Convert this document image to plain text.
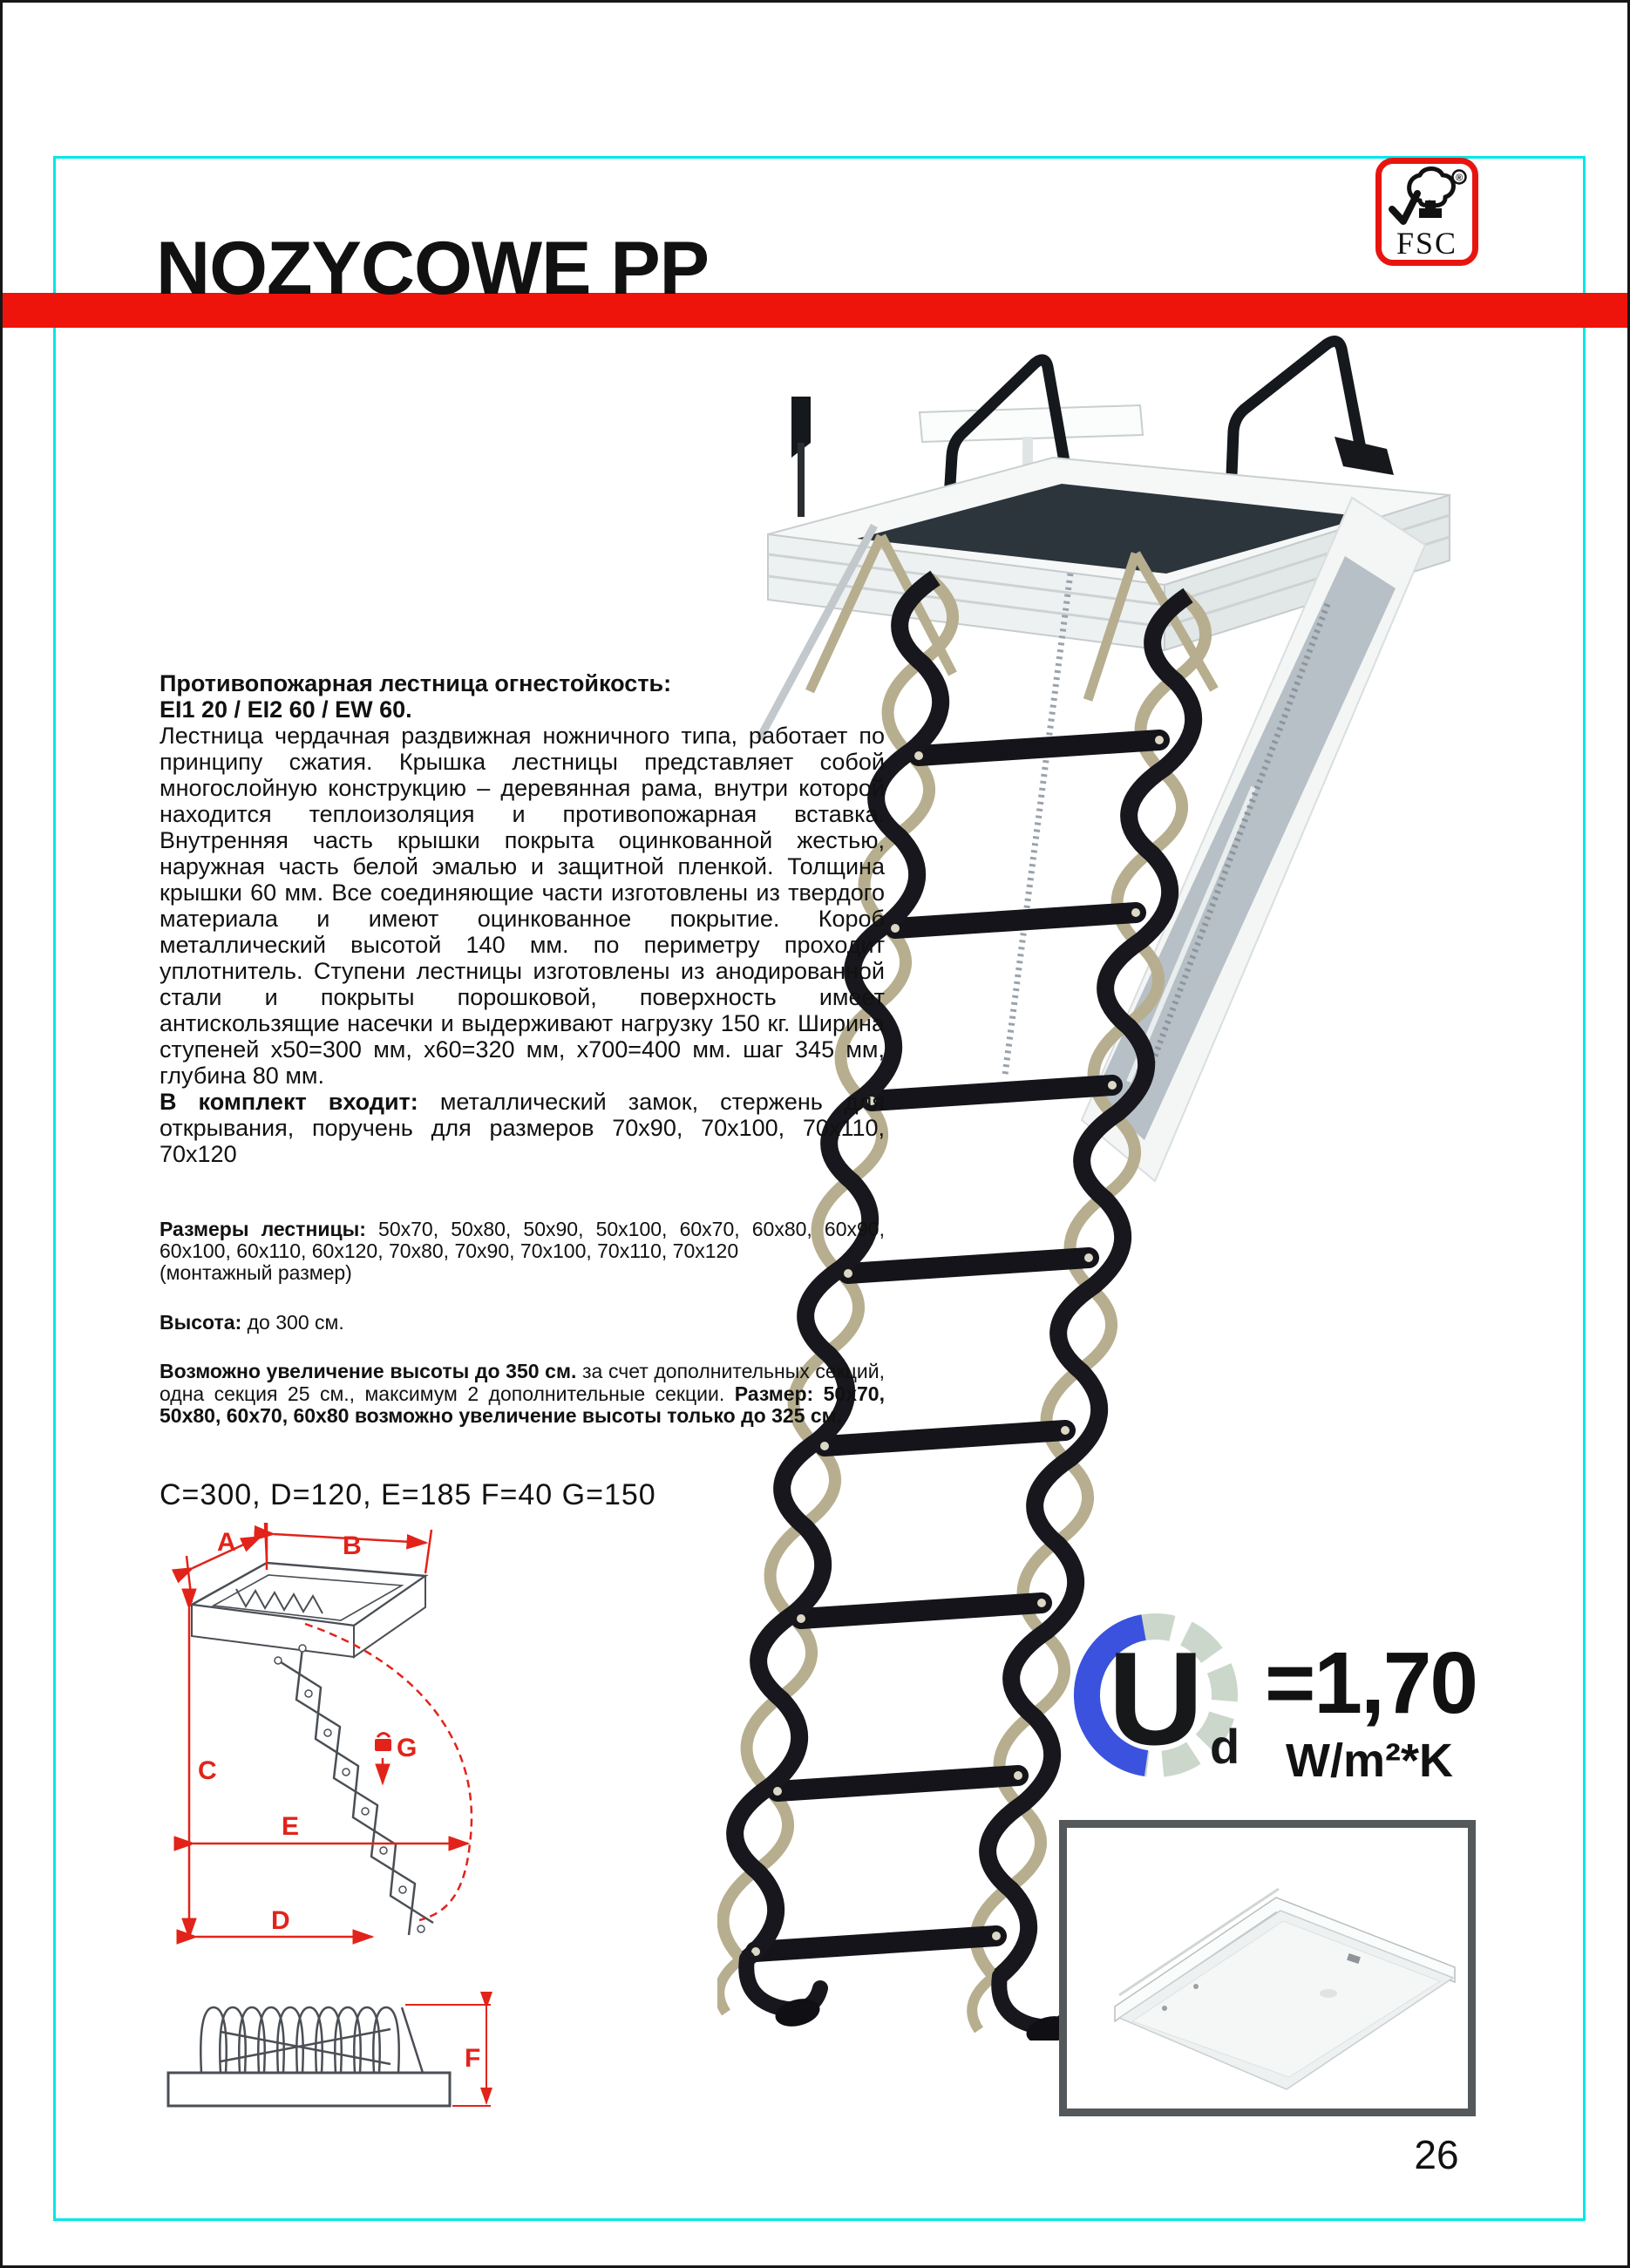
NOZYCOWE PP
®
FSC

Противопожарная лестница огнестойкость:

EI1 20 / EI2 60 / EW 60.

Лестница чердачная раздвижная ножничного типа, работает по принципу сжатия. Крышка лестницы представляет собой многослойную конструкцию – деревянная рама, внутри которой находится теплоизоляция и противопожарная вставка. Внутренняя часть крышки покрыта оцинкованной жестью, наружная часть белой эмалью и защитной пленкой. Толщина крышки 60 мм. Все соединяющие части изготовлены из твердого материала и имеют оцинкованное покрытие. Короб металлический высотой 140 мм. по периметру проходит уплотнитель. Ступени лестницы изготовлены из анодированной стали и покрыты порошковой, поверхность имеет антискользящие насечки и выдерживают нагрузку 150 кг. Ширина ступеней x50=300 мм, x60=320 мм, x700=400 мм. шаг 345 мм, глубина 80 мм.

В комплект входит: металлический замок, стержень для открывания, поручень для размеров 70x90, 70x100, 70x110, 70x120

Размеры лестницы: 50x70, 50x80, 50x90, 50x100, 60x70, 60x80, 60x90, 60x100, 60x110, 60x120, 70x80, 70x90, 70x100, 70x110, 70x120

(монтажный размер)

Высота: до 300 см.

Возможно увеличение высоты до 350 см. за счет дополнительных секций, одна секция 25 см., максимум 2 дополнительные секции. Размер: 50x70, 50x80, 60x70, 60x80 возможно увеличение высоты только до 325 см.

C=300, D=120, E=185 F=40 G=150

A	B
C
D
E
F
G	U d
=1,70
W/m²*K
26
